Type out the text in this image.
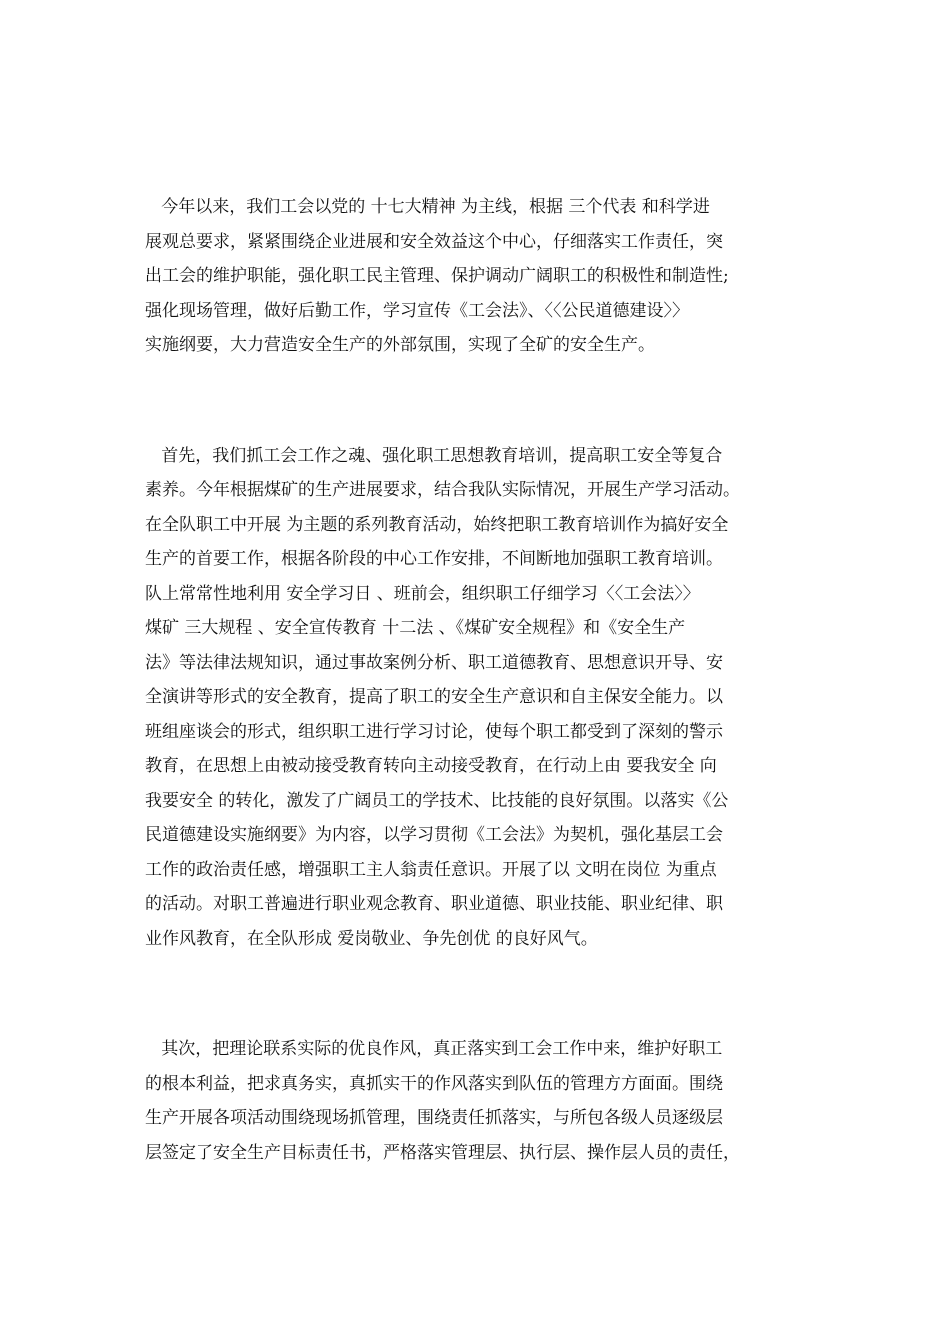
今年以来，我们工会以党的 十七大精神 为主线，根据 三个代表 和科学进
展观总要求，紧紧围绕企业进展和安全效益这个中心，仔细落实工作责任，突
出工会的维护职能，强化职工民主管理、保护调动广阔职工的积极性和制造性;
强化现场管理，做好后勤工作，学习宣传《工会法》、〈〈公民道德建设〉〉
实施纲要，大力营造安全生产的外部氛围，实现了全矿的安全生产。
首先，我们抓工会工作之魂、强化职工思想教育培训，提高职工安全等复合
素养。今年根据煤矿的生产进展要求，结合我队实际情况，开展生产学习活动。
在全队职工中开展 为主题的系列教育活动，始终把职工教育培训作为搞好安全
生产的首要工作，根据各阶段的中心工作安排，不间断地加强职工教育培训。
队上常常性地利用 安全学习日 、班前会，组织职工仔细学习〈〈工会法〉〉
煤矿 三大规程 、安全宣传教育 十二法 、《煤矿安全规程》和《安全生产
法》等法律法规知识，通过事故案例分析、职工道德教育、思想意识开导、安
全演讲等形式的安全教育，提高了职工的安全生产意识和自主保安全能力。以
班组座谈会的形式，组织职工进行学习讨论，使每个职工都受到了深刻的警示
教育，在思想上由被动接受教育转向主动接受教育，在行动上由 要我安全 向
我要安全 的转化，激发了广阔员工的学技术、比技能的良好氛围。以落实《公
民道德建设实施纲要》为内容，以学习贯彻《工会法》为契机，强化基层工会
工作的政治责任感，增强职工主人翁责任意识。开展了以 文明在岗位 为重点
的活动。对职工普遍进行职业观念教育、职业道德、职业技能、职业纪律、职
业作风教育，在全队形成 爱岗敬业、争先创优 的良好风气。
其次，把理论联系实际的优良作风，真正落实到工会工作中来，维护好职工
的根本利益，把求真务实，真抓实干的作风落实到队伍的管理方方面面。围绕
生产开展各项活动围绕现场抓管理，围绕责任抓落实，与所包各级人员逐级层
层签定了安全生产目标责任书，严格落实管理层、执行层、操作层人员的责任，
